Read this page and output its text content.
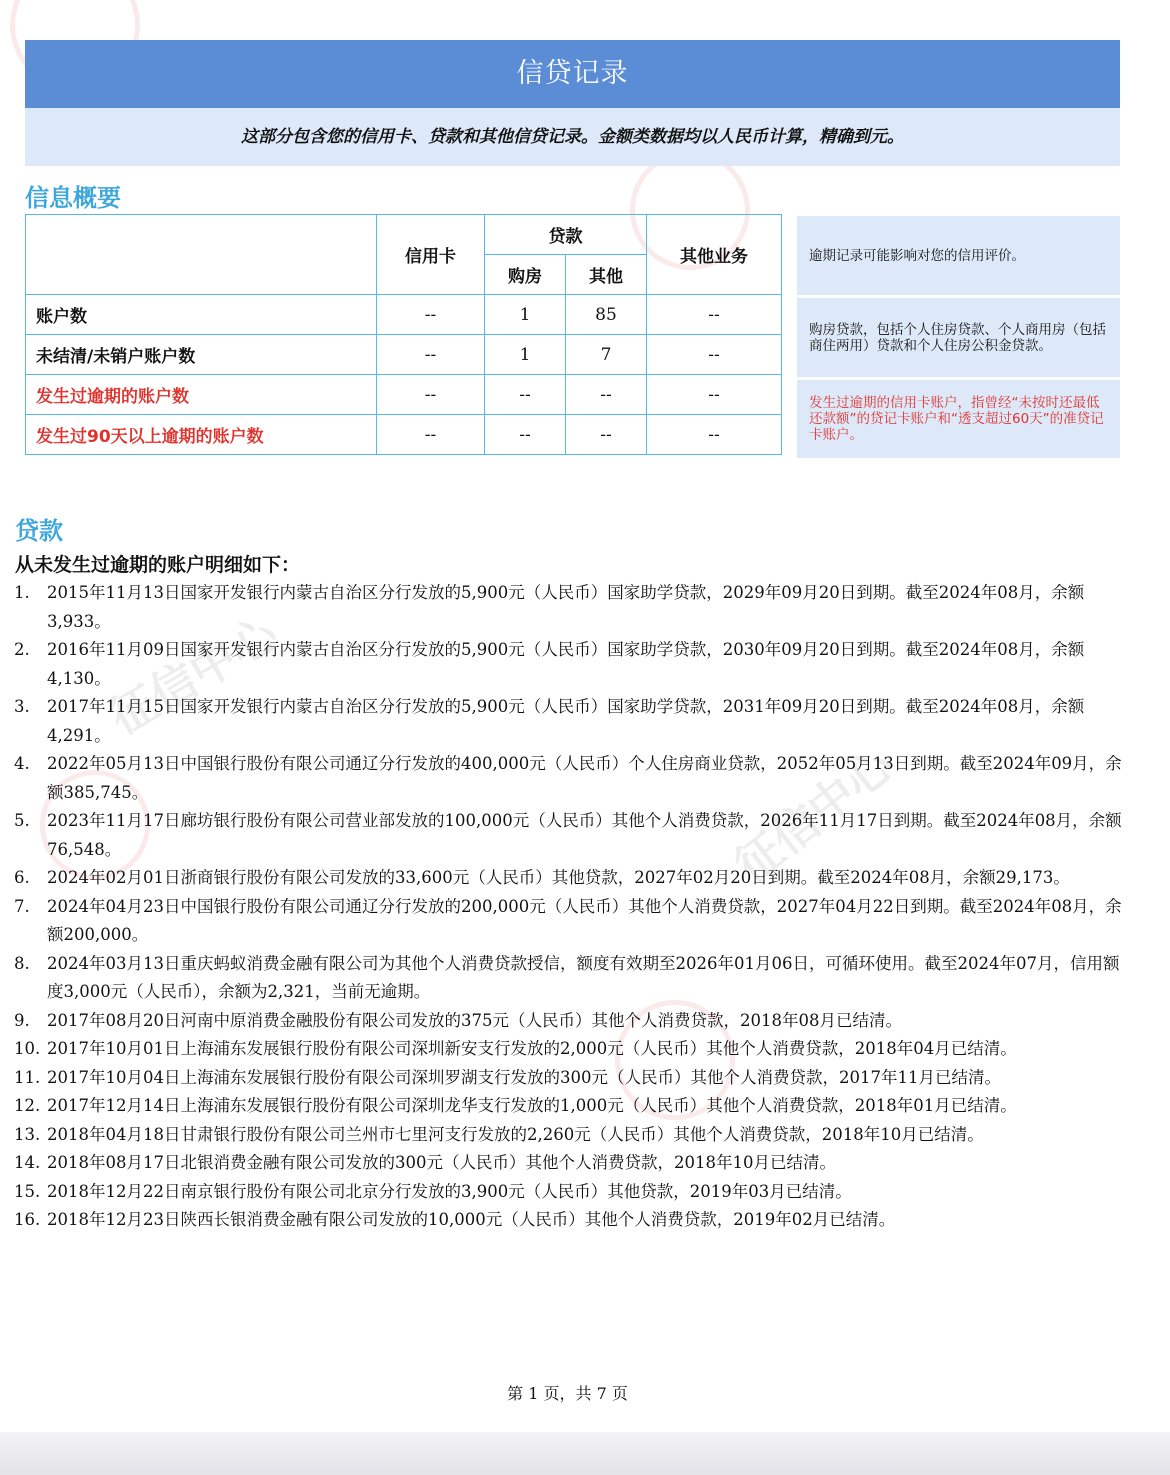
征信中心
征信中心
信贷记录
这部分包含您的信用卡、贷款和其他信贷记录。金额类数据均以人民币计算，精确到元。
信息概要
	信用卡	贷款		其他业务
		购房	其他	
账户数	--	1	85	--
未结清/未销户账户数	--	1	7	--
发生过逾期的账户数	--	--	--	--
发生过90天以上逾期的账户数	--	--	--	--
逾期记录可能影响对您的信用评价。
购房贷款，包括个人住房贷款、个人商用房（包括商住两用）贷款和个人住房公积金贷款。
发生过逾期的信用卡账户，指曾经“未按时还最低还款额”的贷记卡账户和“透支超过60天”的准贷记卡账户。
贷款
从未发生过逾期的账户明细如下：
1. 2015年11月13日国家开发银行内蒙古自治区分行发放的5,900元（人民币）国家助学贷款，2029年09月20日到期。截至2024年08月，余额3,933。
2. 2016年11月09日国家开发银行内蒙古自治区分行发放的5,900元（人民币）国家助学贷款，2030年09月20日到期。截至2024年08月，余额4,130。
3. 2017年11月15日国家开发银行内蒙古自治区分行发放的5,900元（人民币）国家助学贷款，2031年09月20日到期。截至2024年08月，余额4,291。
4. 2022年05月13日中国银行股份有限公司通辽分行发放的400,000元（人民币）个人住房商业贷款，2052年05月13日到期。截至2024年09月，余额385,745。
5. 2023年11月17日廊坊银行股份有限公司营业部发放的100,000元（人民币）其他个人消费贷款，2026年11月17日到期。截至2024年08月，余额76,548。
6. 2024年02月01日浙商银行股份有限公司发放的33,600元（人民币）其他贷款，2027年02月20日到期。截至2024年08月，余额29,173。
7. 2024年04月23日中国银行股份有限公司通辽分行发放的200,000元（人民币）其他个人消费贷款，2027年04月22日到期。截至2024年08月，余额200,000。
8. 2024年03月13日重庆蚂蚁消费金融有限公司为其他个人消费贷款授信，额度有效期至2026年01月06日，可循环使用。截至2024年07月，信用额度3,000元（人民币），余额为2,321，当前无逾期。
9. 2017年08月20日河南中原消费金融股份有限公司发放的375元（人民币）其他个人消费贷款，2018年08月已结清。
10. 2017年10月01日上海浦东发展银行股份有限公司深圳新安支行发放的2,000元（人民币）其他个人消费贷款，2018年04月已结清。
11. 2017年10月04日上海浦东发展银行股份有限公司深圳罗湖支行发放的300元（人民币）其他个人消费贷款，2017年11月已结清。
12. 2017年12月14日上海浦东发展银行股份有限公司深圳龙华支行发放的1,000元（人民币）其他个人消费贷款，2018年01月已结清。
13. 2018年04月18日甘肃银行股份有限公司兰州市七里河支行发放的2,260元（人民币）其他个人消费贷款，2018年10月已结清。
14. 2018年08月17日北银消费金融有限公司发放的300元（人民币）其他个人消费贷款，2018年10月已结清。
15. 2018年12月22日南京银行股份有限公司北京分行发放的3,900元（人民币）其他贷款，2019年03月已结清。
16. 2018年12月23日陕西长银消费金融有限公司发放的10,000元（人民币）其他个人消费贷款，2019年02月已结清。
第 1 页，共 7 页
